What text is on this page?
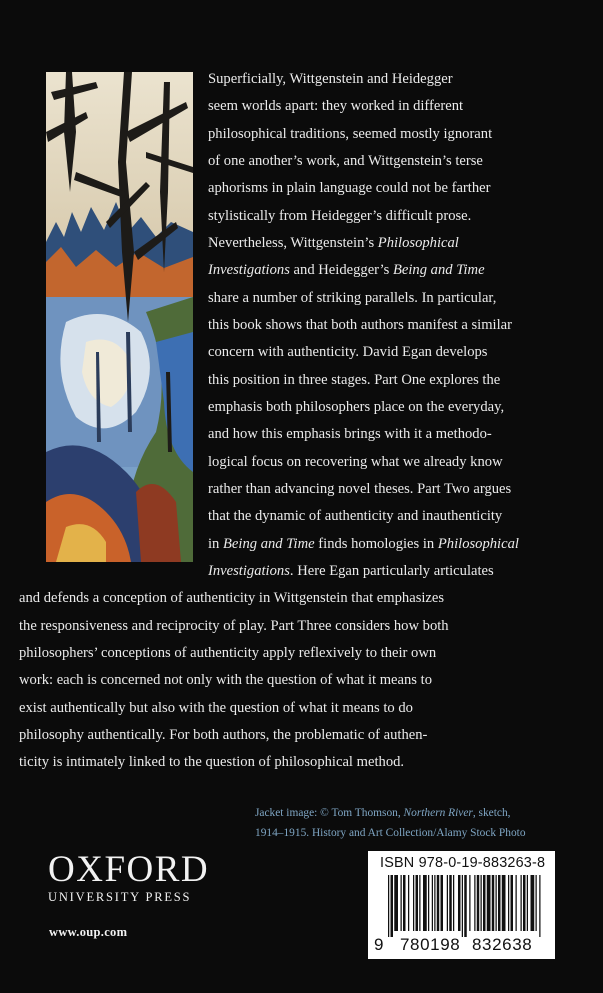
Superficially, Wittgenstein and Heidegger
seem worlds apart: they worked in different
philosophical traditions, seemed mostly ignorant
of one another’s work, and Wittgenstein’s terse
aphorisms in plain language could not be farther
stylistically from Heidegger’s difficult prose.
Nevertheless, Wittgenstein’s Philosophical
Investigations and Heidegger’s Being and Time
share a number of striking parallels. In particular,
this book shows that both authors manifest a similar
concern with authenticity. David Egan develops
this position in three stages. Part One explores the
emphasis both philosophers place on the everyday,
and how this emphasis brings with it a methodo-
logical focus on recovering what we already know
rather than advancing novel theses. Part Two argues
that the dynamic of authenticity and inauthenticity
in Being and Time finds homologies in Philosophical
Investigations. Here Egan particularly articulates
and defends a conception of authenticity in Wittgenstein that emphasizes
the responsiveness and reciprocity of play. Part Three considers how both
philosophers’ conceptions of authenticity apply reflexively to their own
work: each is concerned not only with the question of what it means to
exist authentically but also with the question of what it means to do
philosophy authentically. For both authors, the problematic of authen-
ticity is intimately linked to the question of philosophical method.
Jacket image: © Tom Thomson, Northern River, sketch,
1914–1915. History and Art Collection/Alamy Stock Photo
OXFORD
UNIVERSITY PRESS
www.oup.com
ISBN 978-0-19-883263-8
9 780198 832638
